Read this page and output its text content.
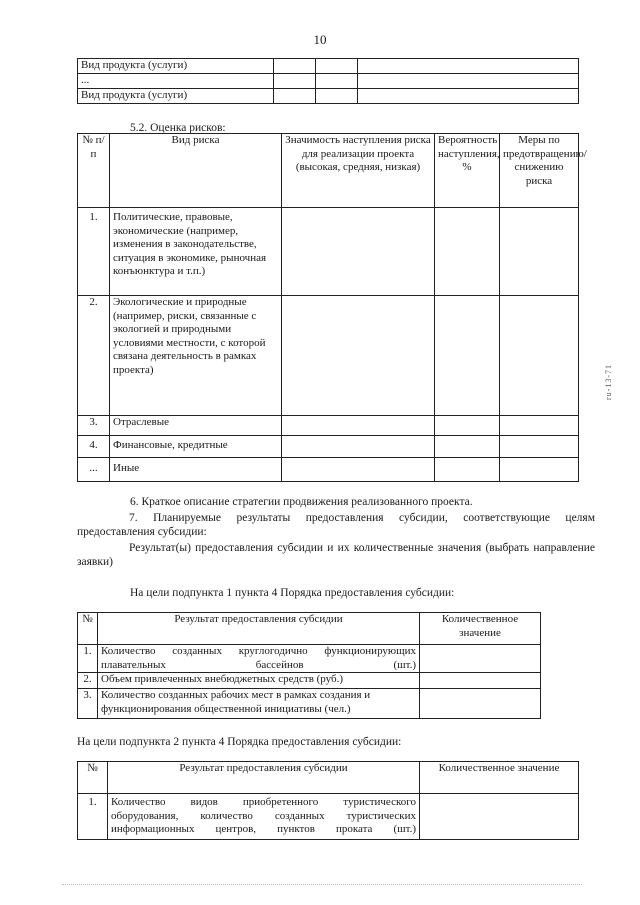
10
Вид продукта (услуги)			
...			
Вид продукта (услуги)			
5.2. Оценка рисков:
№ п/п	Вид риска	Значимость наступления риска для реализации проекта (высокая, средняя, низкая)	Вероятность наступления, %	Меры по предотвращению/снижению риска
1.	Политические, правовые, экономические (например, изменения в законодательстве, ситуация в экономике, рыночная конъюнктура и т.п.)			
2.	Экологические и природные (например, риски, связанные с экологией и природными условиями местности, с которой связана деятельность в рамках проекта)			
3.	Отраслевые			
4.	Финансовые, кредитные			
...	Иные			
ru-13-71
6. Краткое описание стратегии продвижения реализованного проекта.
7. Планируемые результаты предоставления субсидии, соответствующие целям предоставления субсидии:
Результат(ы) предоставления субсидии и их количественные значения (выбрать направление заявки)
На цели подпункта 1 пункта 4 Порядка предоставления субсидии:
№	Результат предоставления субсидии	Количественное значение
1.	Количество созданных круглогодично функционирующих плавательных бассейнов (шт.)	
2.	Объем привлеченных внебюджетных средств (руб.)	
3.	Количество созданных рабочих мест в рамках создания и функционирования общественной инициативы (чел.)	
На цели подпункта 2 пункта 4 Порядка предоставления субсидии:
№	Результат предоставления субсидии	Количественное значение
1.	Количество видов приобретенного туристического оборудования, количество созданных туристических информационных центров, пунктов проката (шт.)	
